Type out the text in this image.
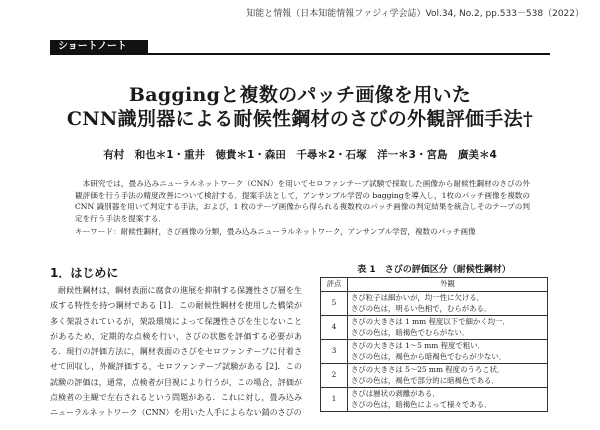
知能と情報（日本知能情報ファジィ学会誌）Vol.34, No.2, pp.533－538（2022）
ショートノート
Baggingと複数のパッチ画像を用いた
CNN識別器による耐候性鋼材のさびの外観評価手法†
有村　和也＊1・重井　徳貴＊1・森田　千尋＊2・石塚　洋一＊3・宮島　廣美＊4
本研究では，畳み込みニューラルネットワーク（CNN）を用いてセロファンテープ試験で採取した画像から耐候性鋼材のさびの外観評価を行う手法の精度改善について検討する．提案手法として，アンサンブル学習の baggingを導入し，1枚のパッチ画像を複数の CNN 識別器を用いて判定する手法，および，1 枚のテープ画像から得られる複数枚のパッチ画像の判定結果を統合しそのテープの判定を行う手法を提案する．
キーワード：耐候性鋼材，さび画像の分類，畳み込みニューラルネットワーク，アンサンブル学習，複数のパッチ画像
1．はじめに
耐候性鋼材は，鋼材表面に腐食の進展を抑制する保護性さび層を生成する特性を持つ鋼材である [1]．この耐候性鋼材を使用した橋梁が多く架設されているが，架設環境によって保護性さびを生じないことがあるため，定期的な点検を行い，さびの状態を評価する必要がある．現行の評価方法に，鋼材表面のさびをセロファンテープに付着させて回収し，外観評価する，セロファンテープ試験がある [2]．この試験の評価は，通常，点検者が目視により行うが，この場合，評価が点検者の主観で左右されるという問題がある．これに対し，畳み込みニューラルネットワーク（CNN）を用いた人手によらない錆のさびの
表 1　さびの評価区分（耐候性鋼材）
評点	外観
5	さび粒子は細かいが，均一性に欠ける．
さびの色は，明るい色相で，むらがある．

4	さびの大きさは 1 mm 程度以下で細かく均一．
さびの色は，暗褐色でむらがない．

3	さびの大きさは 1～5 mm 程度で粗い．
さびの色は，褐色から暗褐色でむらが少ない．

2	さびの大きさは 5～25 mm 程度のうろこ状．
さびの色は，褐色で部分的に暗褐色である．

1	さびは層状の剥離がある．
さびの色は，暗褐色によって様々である．
